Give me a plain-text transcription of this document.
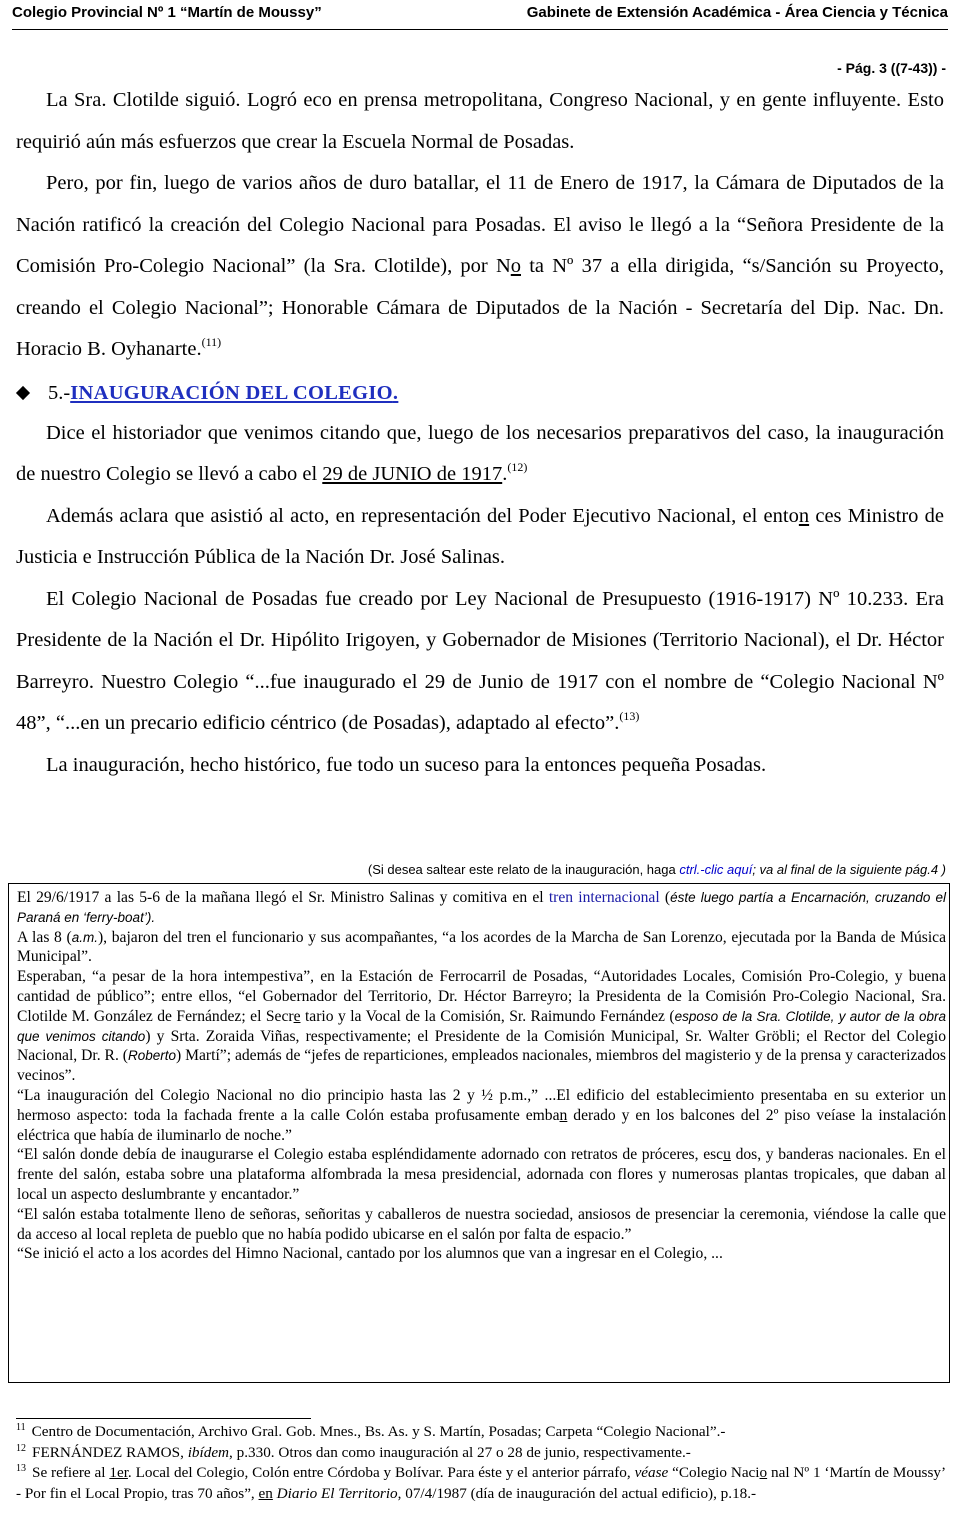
Colegio Provincial Nº 1 “Martín de Moussy”	Gabinete de Extensión Académica - Área Ciencia y Técnica
- Pág. 3 ((7-43)) -

La Sra. Clotilde siguió. Logró eco en prensa metropolitana, Congreso Nacional, y en gente influyente. Esto requirió aún más esfuerzos que crear la Escuela Normal de Posadas.

Pero, por fin, luego de varios años de duro batallar, el 11 de Enero de 1917, la Cámara de Diputados de la Nación ratificó la creación del Colegio Nacional para Posadas. El aviso le llegó a la “Señora Presidente de la Comisión Pro-Colegio Nacional” (la Sra. Clotilde), por No ta Nº 37 a ella dirigida, “s/Sanción su Proyecto, creando el Colegio Nacional”; Honorable Cámara de Diputados de la Nación - Secretaría del Dip. Nac. Dn. Horacio B. Oyhanarte.$^{(11)}$

5.- INAUGURACIÓN DEL COLEGIO .

Dice el historiador que venimos citando que, luego de los necesarios preparativos del caso, la inauguración de nuestro Colegio se llevó a cabo el 29 de JUNIO de 1917.$^{(12)}$

Además aclara que asistió al acto, en representación del Poder Ejecutivo Nacional, el enton ces Ministro de Justicia e Instrucción Pública de la Nación Dr. José Salinas.

El Colegio Nacional de Posadas fue creado por Ley Nacional de Presupuesto (1916-1917) Nº 10.233. Era Presidente de la Nación el Dr. Hipólito Irigoyen, y Gobernador de Misiones (Territorio Nacional), el Dr. Héctor Barreyro. Nuestro Colegio “...fue inaugurado el 29 de Junio de 1917 con el nombre de “Colegio Nacional Nº 48”, “...en un precario edificio céntrico (de Posadas), adaptado al efecto”.$^{(13)}$

La inauguración, hecho histórico, fue todo un suceso para la entonces pequeña Posadas.

(Si desea saltear este relato de la inauguración, haga ctrl.-clic aquí; va al final de la siguiente pág.4 )

El 29/6/1917 a las 5-6 de la mañana llegó el Sr. Ministro Salinas y comitiva en el tren internacional (éste luego partía a Encarnación, cruzando el Paraná en ‘ferry-boat’).

A las 8 (a.m.), bajaron del tren el funcionario y sus acompañantes, “a los acordes de la Marcha de San Lorenzo, ejecutada por la Banda de Música Municipal”.

Esperaban, “a pesar de la hora intempestiva”, en la Estación de Ferrocarril de Posadas, “Autoridades Locales, Comisión Pro-Colegio, y buena cantidad de público”; entre ellos, “el Gobernador del Territorio, Dr. Héctor Barreyro; la Presidenta de la Comisión Pro-Colegio Nacional, Sra. Clotilde M. González de Fernández; el Secre tario y la Vocal de la Comisión, Sr. Raimundo Fernández (esposo de la Sra. Clotilde, y autor de la obra que venimos citando) y Srta. Zoraida Viñas, respectivamente; el Presidente de la Comisión Municipal, Sr. Walter Gröbli; el Rector del Colegio Nacional, Dr. R. (Roberto) Martí”; además de “jefes de reparticiones, empleados nacionales, miembros del magisterio y de la prensa y caracterizados vecinos”.

“La inauguración del Colegio Nacional no dio principio hasta las 2 y ½ p.m.,” ...El edificio del establecimiento presentaba en su exterior un hermoso aspecto: toda la fachada frente a la calle Colón estaba profusamente emban derado y en los balcones del 2º piso veíase la instalación eléctrica que había de iluminarlo de noche.”

“El salón donde debía de inaugurarse el Colegio estaba espléndidamente adornado con retratos de próceres, escu dos, y banderas nacionales. En el frente del salón, estaba sobre una plataforma alfombrada la mesa presidencial, adornada con flores y numerosas plantas tropicales, que daban al local un aspecto deslumbrante y encantador.”

“El salón estaba totalmente lleno de señoras, señoritas y caballeros de nuestra sociedad, ansiosos de presenciar la ceremonia, viéndose la calle que da acceso al local repleta de pueblo que no había podido ubicarse en el salón por falta de espacio.”

“Se inició el acto a los acordes del Himno Nacional, cantado por los alumnos que van a ingresar en el Colegio, ...

$^{11}$ Centro de Documentación, Archivo Gral. Gob. Mnes., Bs. As. y S. Martín, Posadas; Carpeta “Colegio Nacional”.-

$^{12}$ FERNÁNDEZ RAMOS, ibídem, p.330. Otros dan como inauguración al 27 o 28 de junio, respectivamente.-

$^{13}$ Se refiere al 1er. Local del Colegio, Colón entre Córdoba y Bolívar. Para éste y el anterior párrafo, véase “Colegio Nacio nal Nº 1 ‘Martín de Moussy’ - Por fin el Local Propio, tras 70 años”, en Diario El Territorio, 07/4/1987 (día de inauguración del actual edificio), p.18.-
